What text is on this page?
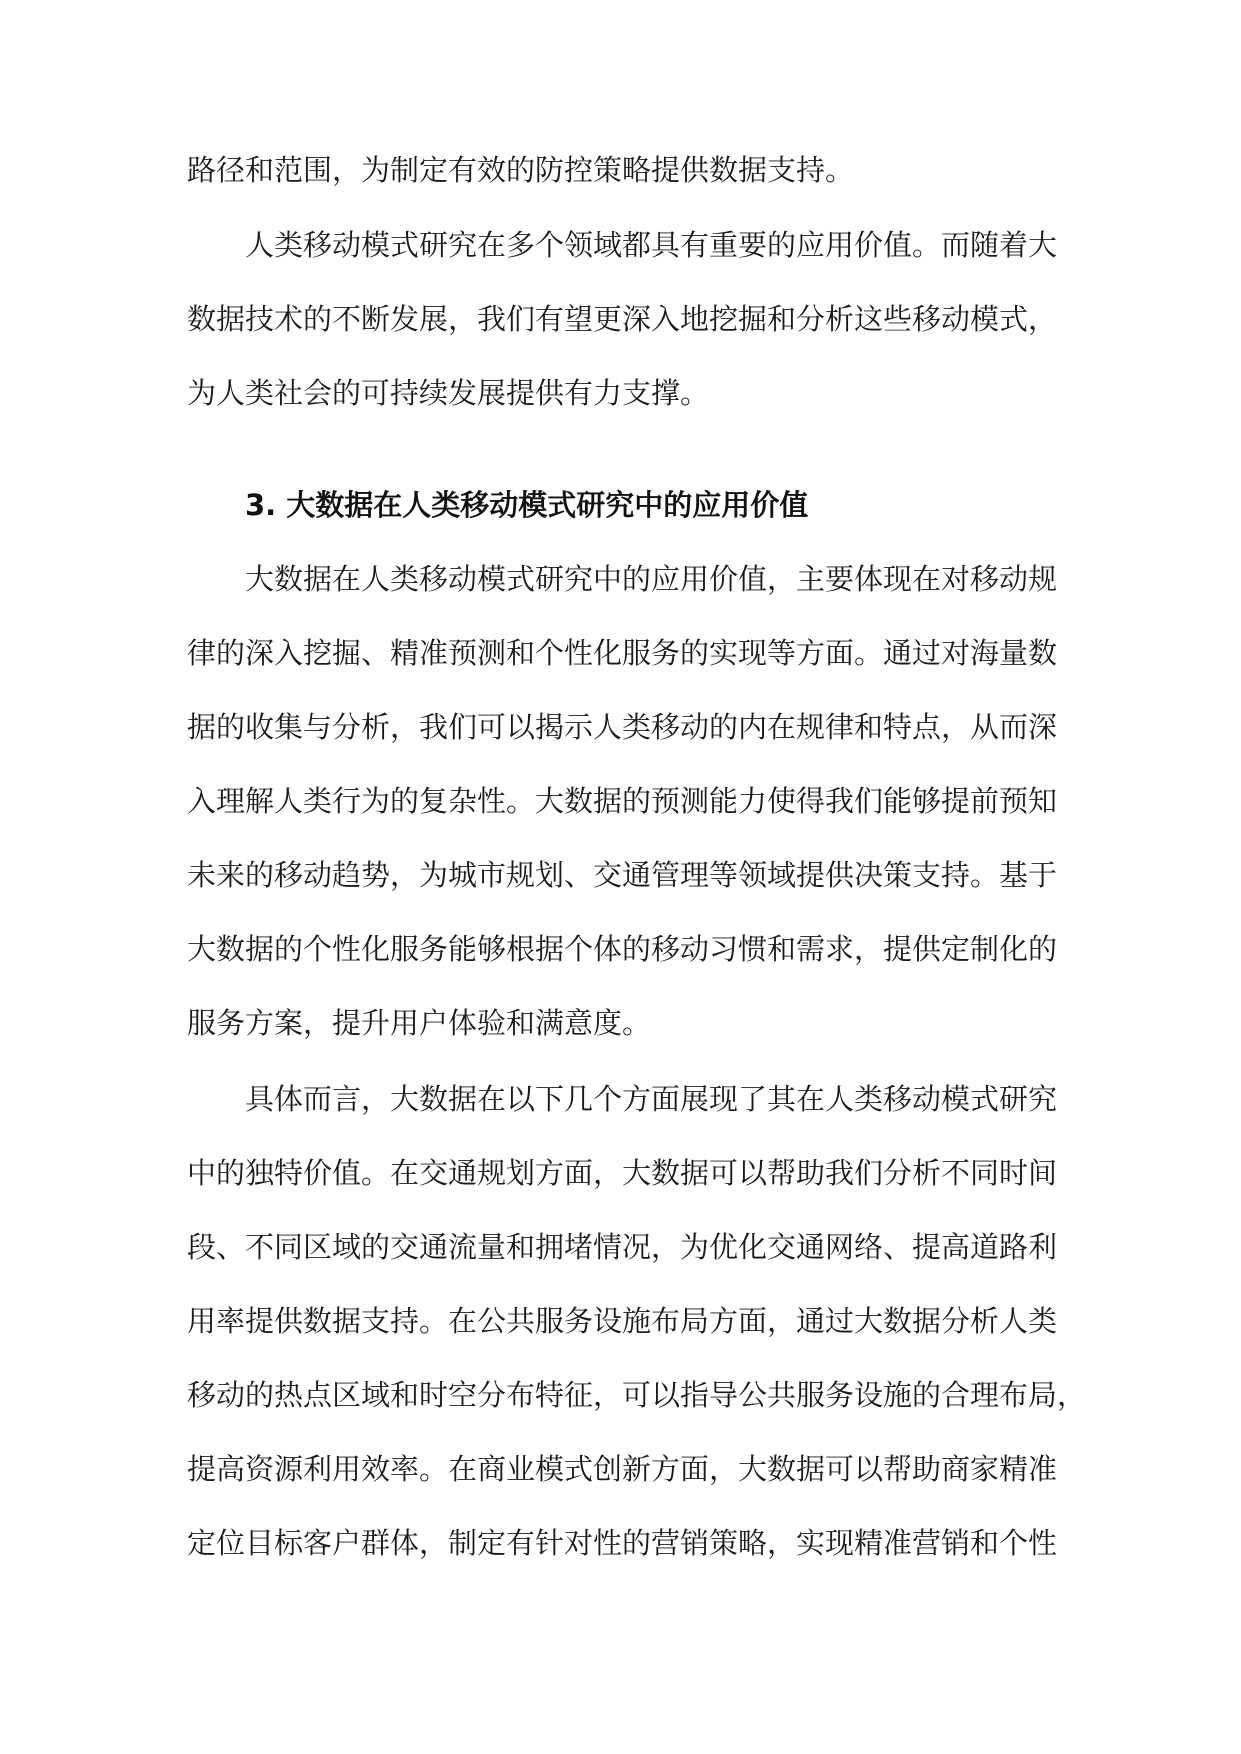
路径和范围，为制定有效的防控策略提供数据支持。
人类移动模式研究在多个领域都具有重要的应用价值。而随着大
数据技术的不断发展，我们有望更深入地挖掘和分析这些移动模式，
为人类社会的可持续发展提供有力支撑。
3. 大数据在人类移动模式研究中的应用价值
大数据在人类移动模式研究中的应用价值，主要体现在对移动规
律的深入挖掘、精准预测和个性化服务的实现等方面。通过对海量数
据的收集与分析，我们可以揭示人类移动的内在规律和特点，从而深
入理解人类行为的复杂性。大数据的预测能力使得我们能够提前预知
未来的移动趋势，为城市规划、交通管理等领域提供决策支持。基于
大数据的个性化服务能够根据个体的移动习惯和需求，提供定制化的
服务方案，提升用户体验和满意度。
具体而言，大数据在以下几个方面展现了其在人类移动模式研究
中的独特价值。在交通规划方面，大数据可以帮助我们分析不同时间
段、不同区域的交通流量和拥堵情况，为优化交通网络、提高道路利
用率提供数据支持。在公共服务设施布局方面，通过大数据分析人类
移动的热点区域和时空分布特征，可以指导公共服务设施的合理布局，
提高资源利用效率。在商业模式创新方面，大数据可以帮助商家精准
定位目标客户群体，制定有针对性的营销策略，实现精准营销和个性
